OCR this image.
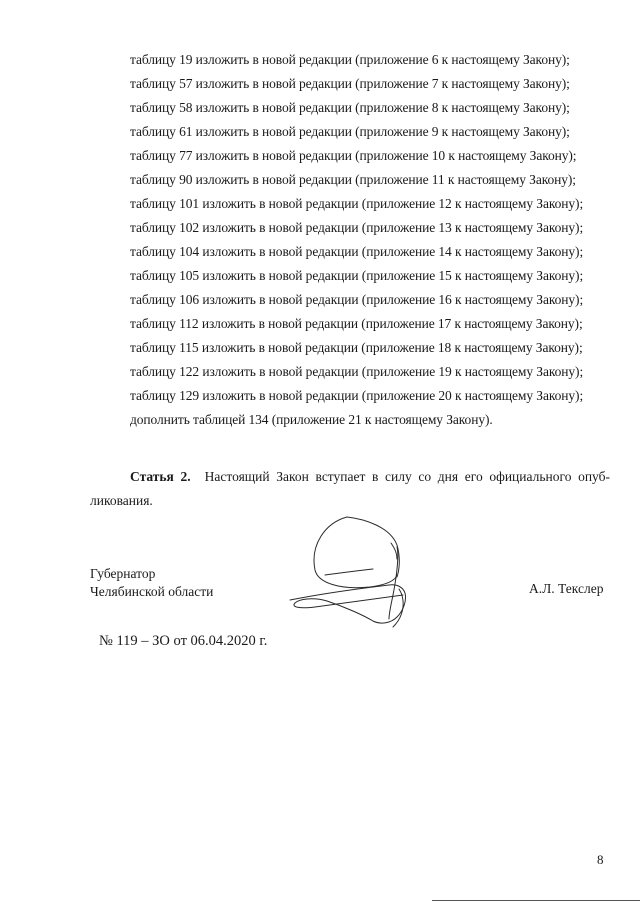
таблицу 19 изложить в новой редакции (приложение 6 к настоящему Закону);
таблицу 57 изложить в новой редакции (приложение 7 к настоящему Закону);
таблицу 58 изложить в новой редакции (приложение 8 к настоящему Закону);
таблицу 61 изложить в новой редакции (приложение 9 к настоящему Закону);
таблицу 77 изложить в новой редакции (приложение 10 к настоящему Закону);
таблицу 90 изложить в новой редакции (приложение 11 к настоящему Закону);
таблицу 101 изложить в новой редакции (приложение 12 к настоящему Закону);
таблицу 102 изложить в новой редакции (приложение 13 к настоящему Закону);
таблицу 104 изложить в новой редакции (приложение 14 к настоящему Закону);
таблицу 105 изложить в новой редакции (приложение 15 к настоящему Закону);
таблицу 106 изложить в новой редакции (приложение 16 к настоящему Закону);
таблицу 112 изложить в новой редакции (приложение 17 к настоящему Закону);
таблицу 115 изложить в новой редакции (приложение 18 к настоящему Закону);
таблицу 122 изложить в новой редакции (приложение 19 к настоящему Закону);
таблицу 129 изложить в новой редакции (приложение 20 к настоящему Закону);
дополнить таблицей 134 (приложение 21 к настоящему Закону).
Статья 2. Настоящий Закон вступает в силу со дня его официального опуб-
ликования.
Губернатор
Челябинской области	А.Л. Текслер
№ 119 – ЗО от 06.04.2020 г.
8
